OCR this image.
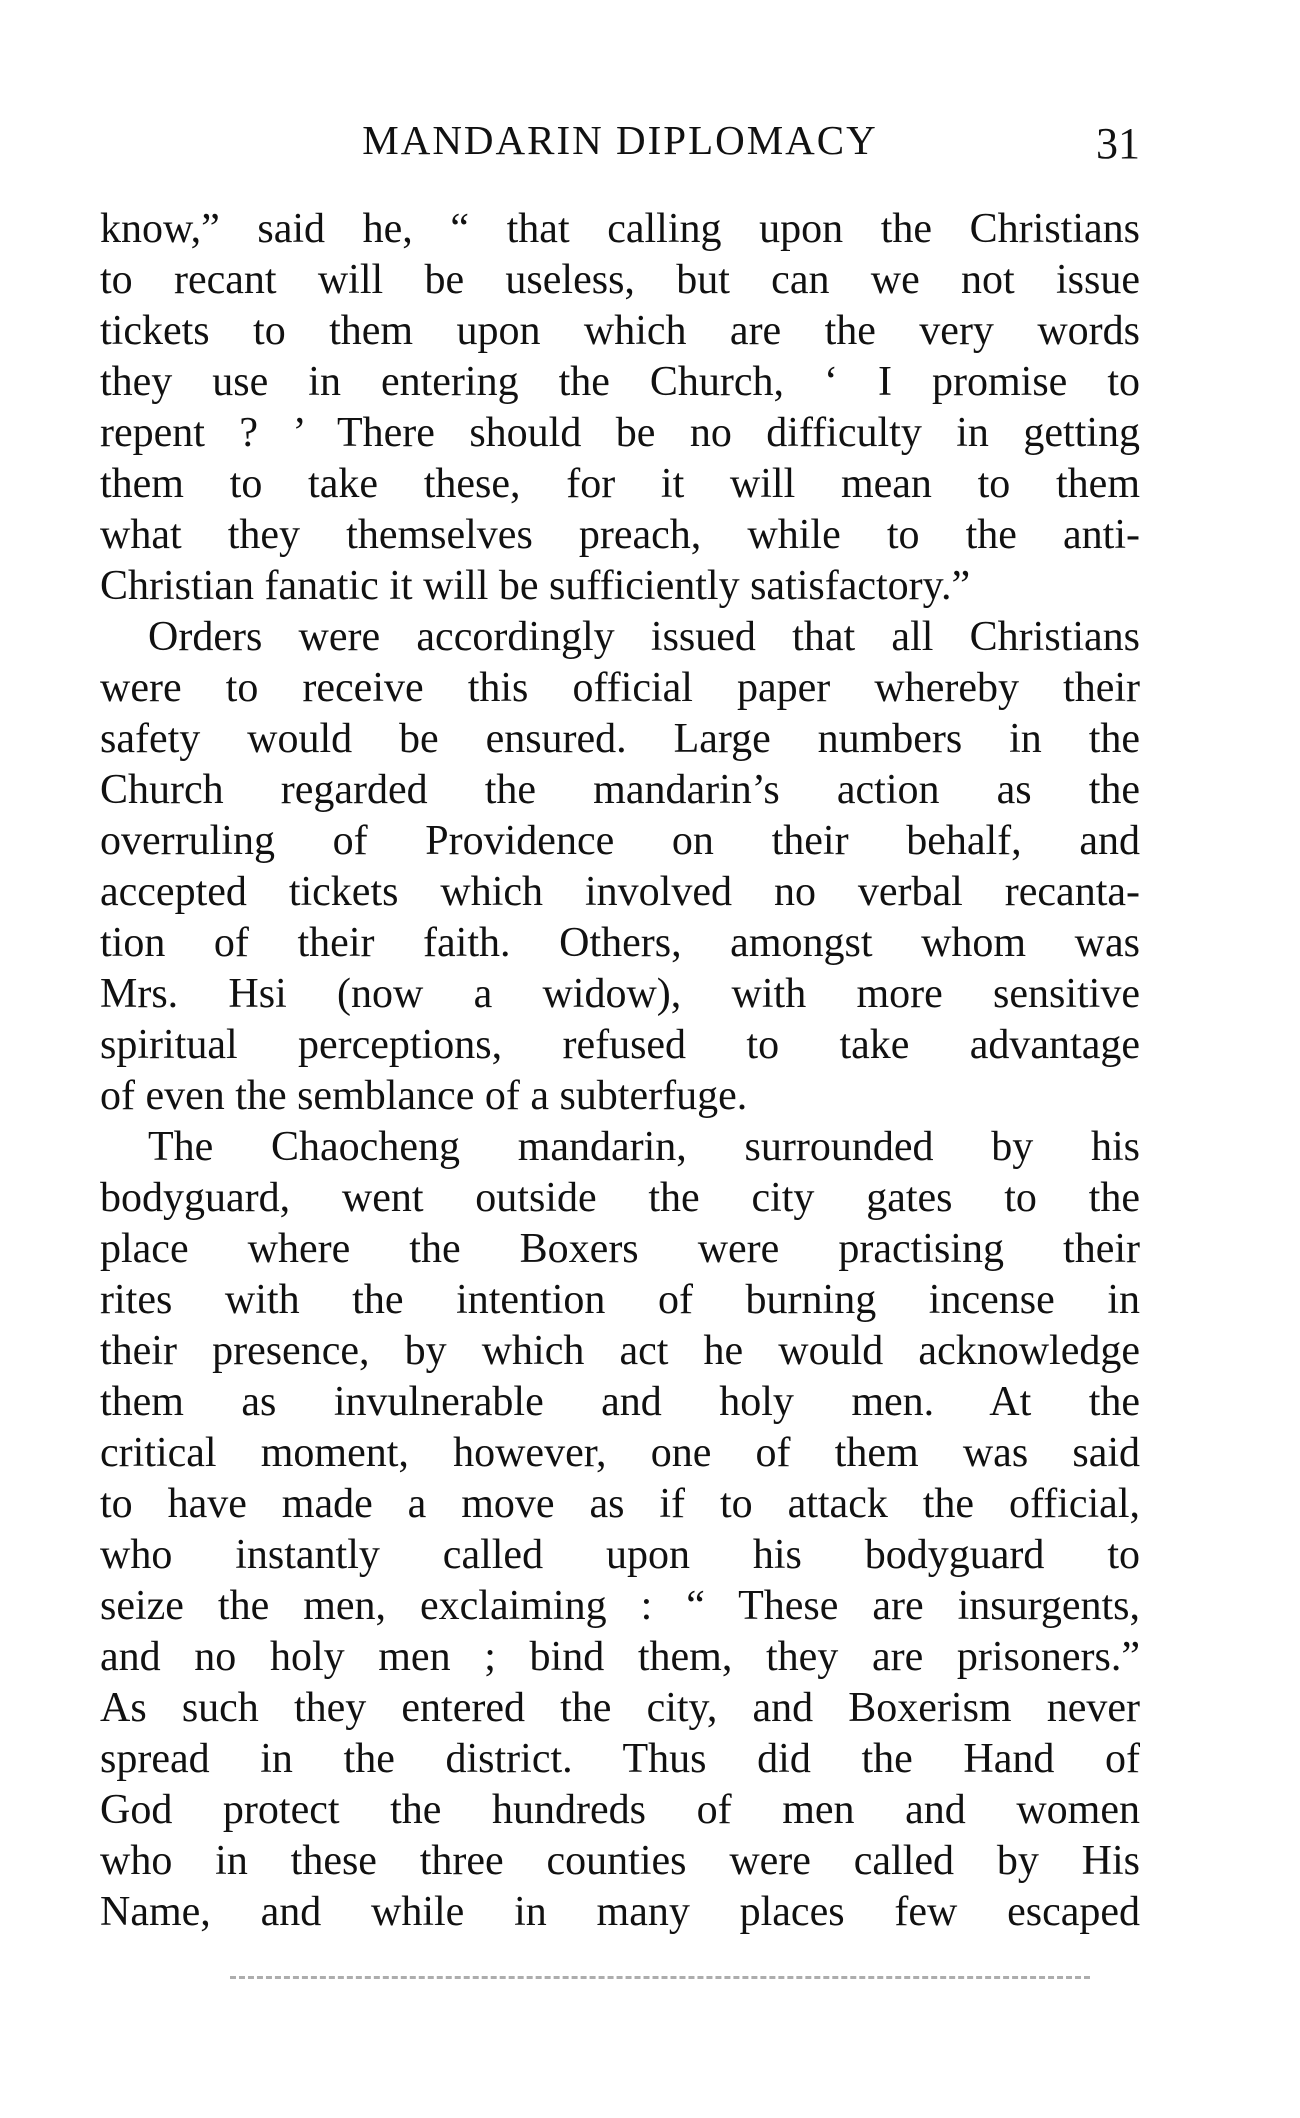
MANDARIN DIPLOMACY	31
know,” said he, “ that calling upon the Christians
to recant will be useless, but can we not issue
tickets to them upon which are the very words
they use in entering the Church, ‘ I promise to
repent ? ’ There should be no difficulty in getting
them to take these, for it will mean to them
what they themselves preach, while to the anti-
Christian fanatic it will be sufficiently satisfactory.”
Orders were accordingly issued that all Christians
were to receive this official paper whereby their
safety would be ensured. Large numbers in the
Church regarded the mandarin’s action as the
overruling of Providence on their behalf, and
accepted tickets which involved no verbal recanta-
tion of their faith. Others, amongst whom was
Mrs. Hsi (now a widow), with more sensitive
spiritual perceptions, refused to take advantage
of even the semblance of a subterfuge.
The Chaocheng mandarin, surrounded by his
bodyguard, went outside the city gates to the
place where the Boxers were practising their
rites with the intention of burning incense in
their presence, by which act he would acknowledge
them as invulnerable and holy men. At the
critical moment, however, one of them was said
to have made a move as if to attack the official,
who instantly called upon his bodyguard to
seize the men, exclaiming : “ These are insurgents,
and no holy men ; bind them, they are prisoners.”
As such they entered the city, and Boxerism never
spread in the district. Thus did the Hand of
God protect the hundreds of men and women
who in these three counties were called by His
Name, and while in many places few escaped
